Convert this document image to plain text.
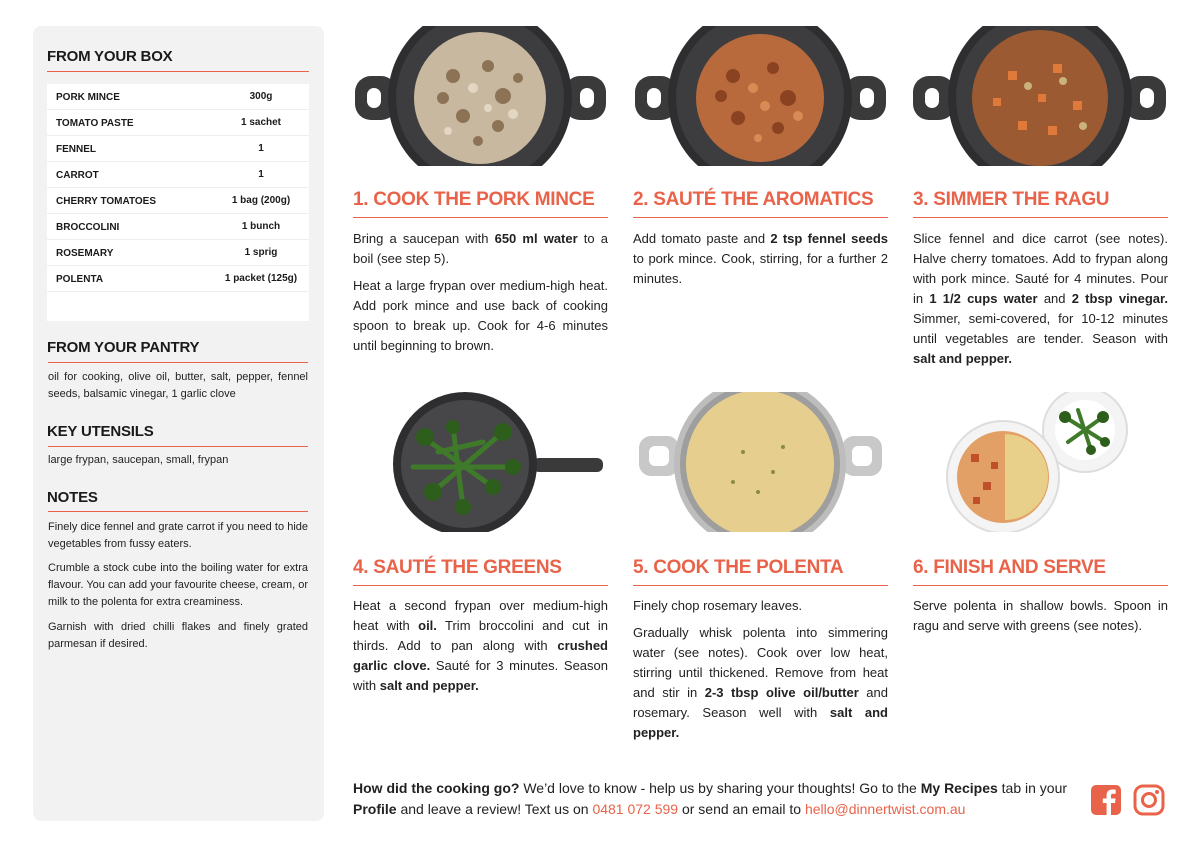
FROM YOUR BOX
PORK MINCE	300g
TOMATO PASTE	1 sachet
FENNEL	1
CARROT	1
CHERRY TOMATOES	1 bag (200g)
BROCCOLINI	1 bunch
ROSEMARY	1 sprig
POLENTA	1 packet (125g)
FROM YOUR PANTRY
oil for cooking, olive oil, butter, salt, pepper, fennel seeds, balsamic vinegar, 1 garlic clove
KEY UTENSILS
large frypan, saucepan, small, frypan
NOTES
Finely dice fennel and grate carrot if you need to hide vegetables from fussy eaters.
Crumble a stock cube into the boiling water for extra flavour. You can add your favourite cheese, cream, or milk to the polenta for extra creaminess.
Garnish with dried chilli flakes and finely grated parmesan if desired.
1. COOK THE PORK MINCE

Bring a saucepan with 650 ml water to a boil (see step 5).

Heat a large frypan over medium-high heat. Add pork mince and use back of cooking spoon to break up. Cook for 4-6 minutes until beginning to brown.

2. SAUTÉ THE AROMATICS

Add tomato paste and 2 tsp fennel seeds to pork mince. Cook, stirring, for a further 2 minutes.

3. SIMMER THE RAGU

Slice fennel and dice carrot (see notes). Halve cherry tomatoes. Add to frypan along with pork mince. Sauté for 4 minutes. Pour in 1 1/2 cups water and 2 tbsp vinegar. Simmer, semi-covered, for 10-12 minutes until vegetables are tender. Season with salt and pepper.

4. SAUTÉ THE GREENS

Heat a second frypan over medium-high heat with oil. Trim broccolini and cut in thirds. Add to pan along with crushed garlic clove. Sauté for 3 minutes. Season with salt and pepper.

5. COOK THE POLENTA

Finely chop rosemary leaves.

Gradually whisk polenta into simmering water (see notes). Cook over low heat, stirring until thickened. Remove from heat and stir in 2-3 tbsp olive oil/butter and rosemary. Season well with salt and pepper.

6. FINISH AND SERVE

Serve polenta in shallow bowls. Spoon in ragu and serve with greens (see notes).

How did the cooking go? We’d love to know - help us by sharing your thoughts! Go to the My Recipes tab in your Profile and leave a review! Text us on 0481 072 599 or send an email to hello@dinnertwist.com.au
